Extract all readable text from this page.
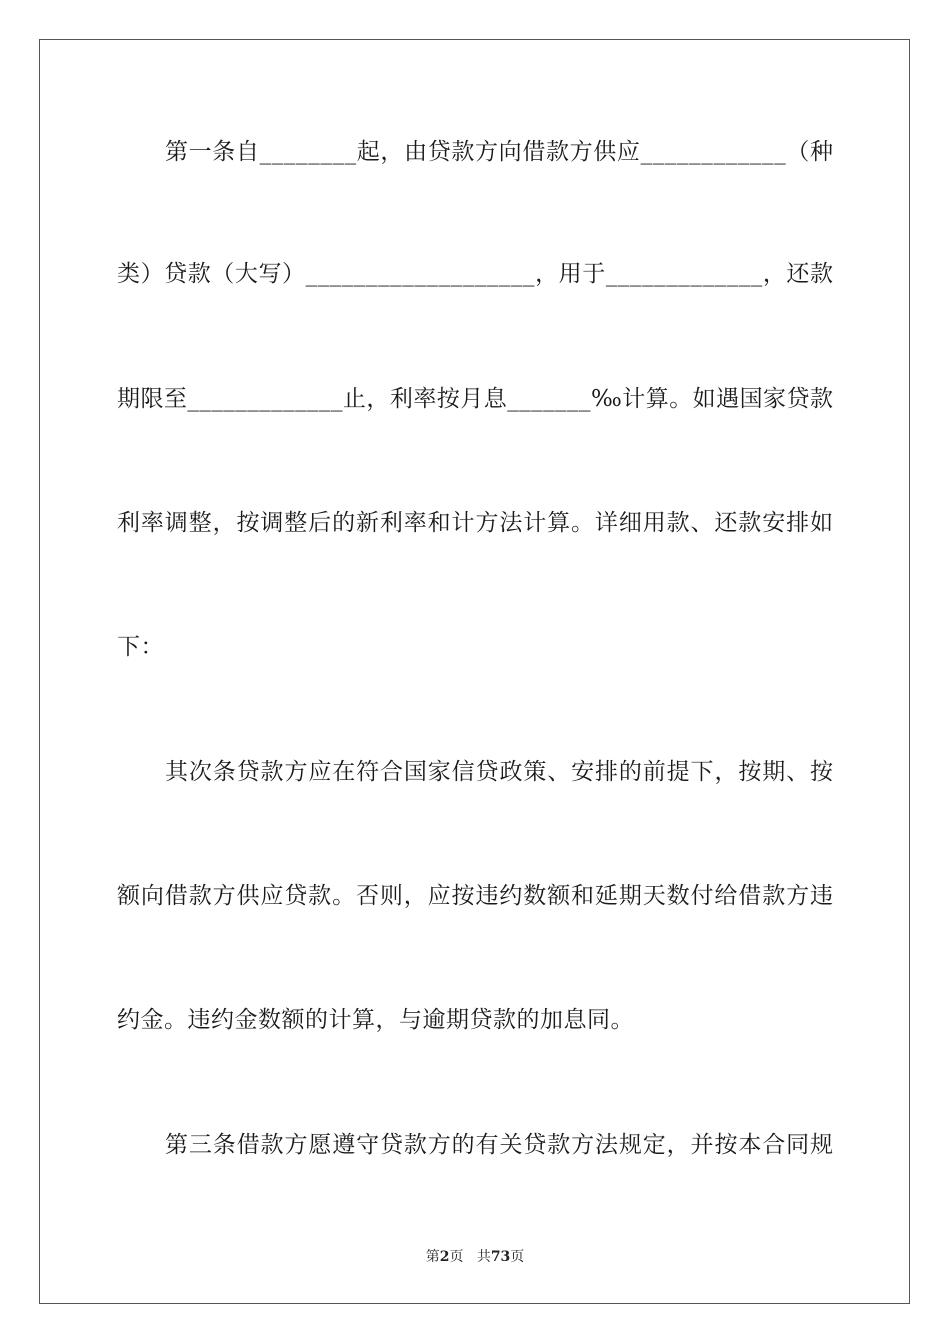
第一条自________起，由贷款方向借款方供应____________（种
类）贷款（大写）___________________，用于_____________，还款
期限至_____________止，利率按月息_______‰计算。如遇国家贷款
利率调整，按调整后的新利率和计方法计算。详细用款、还款安排如
下：
其次条贷款方应在符合国家信贷政策、安排的前提下，按期、按
额向借款方供应贷款。否则，应按违约数额和延期天数付给借款方违
约金。违约金数额的计算，与逾期贷款的加息同。
第三条借款方愿遵守贷款方的有关贷款方法规定，并按本合同规
第2页 共73页
